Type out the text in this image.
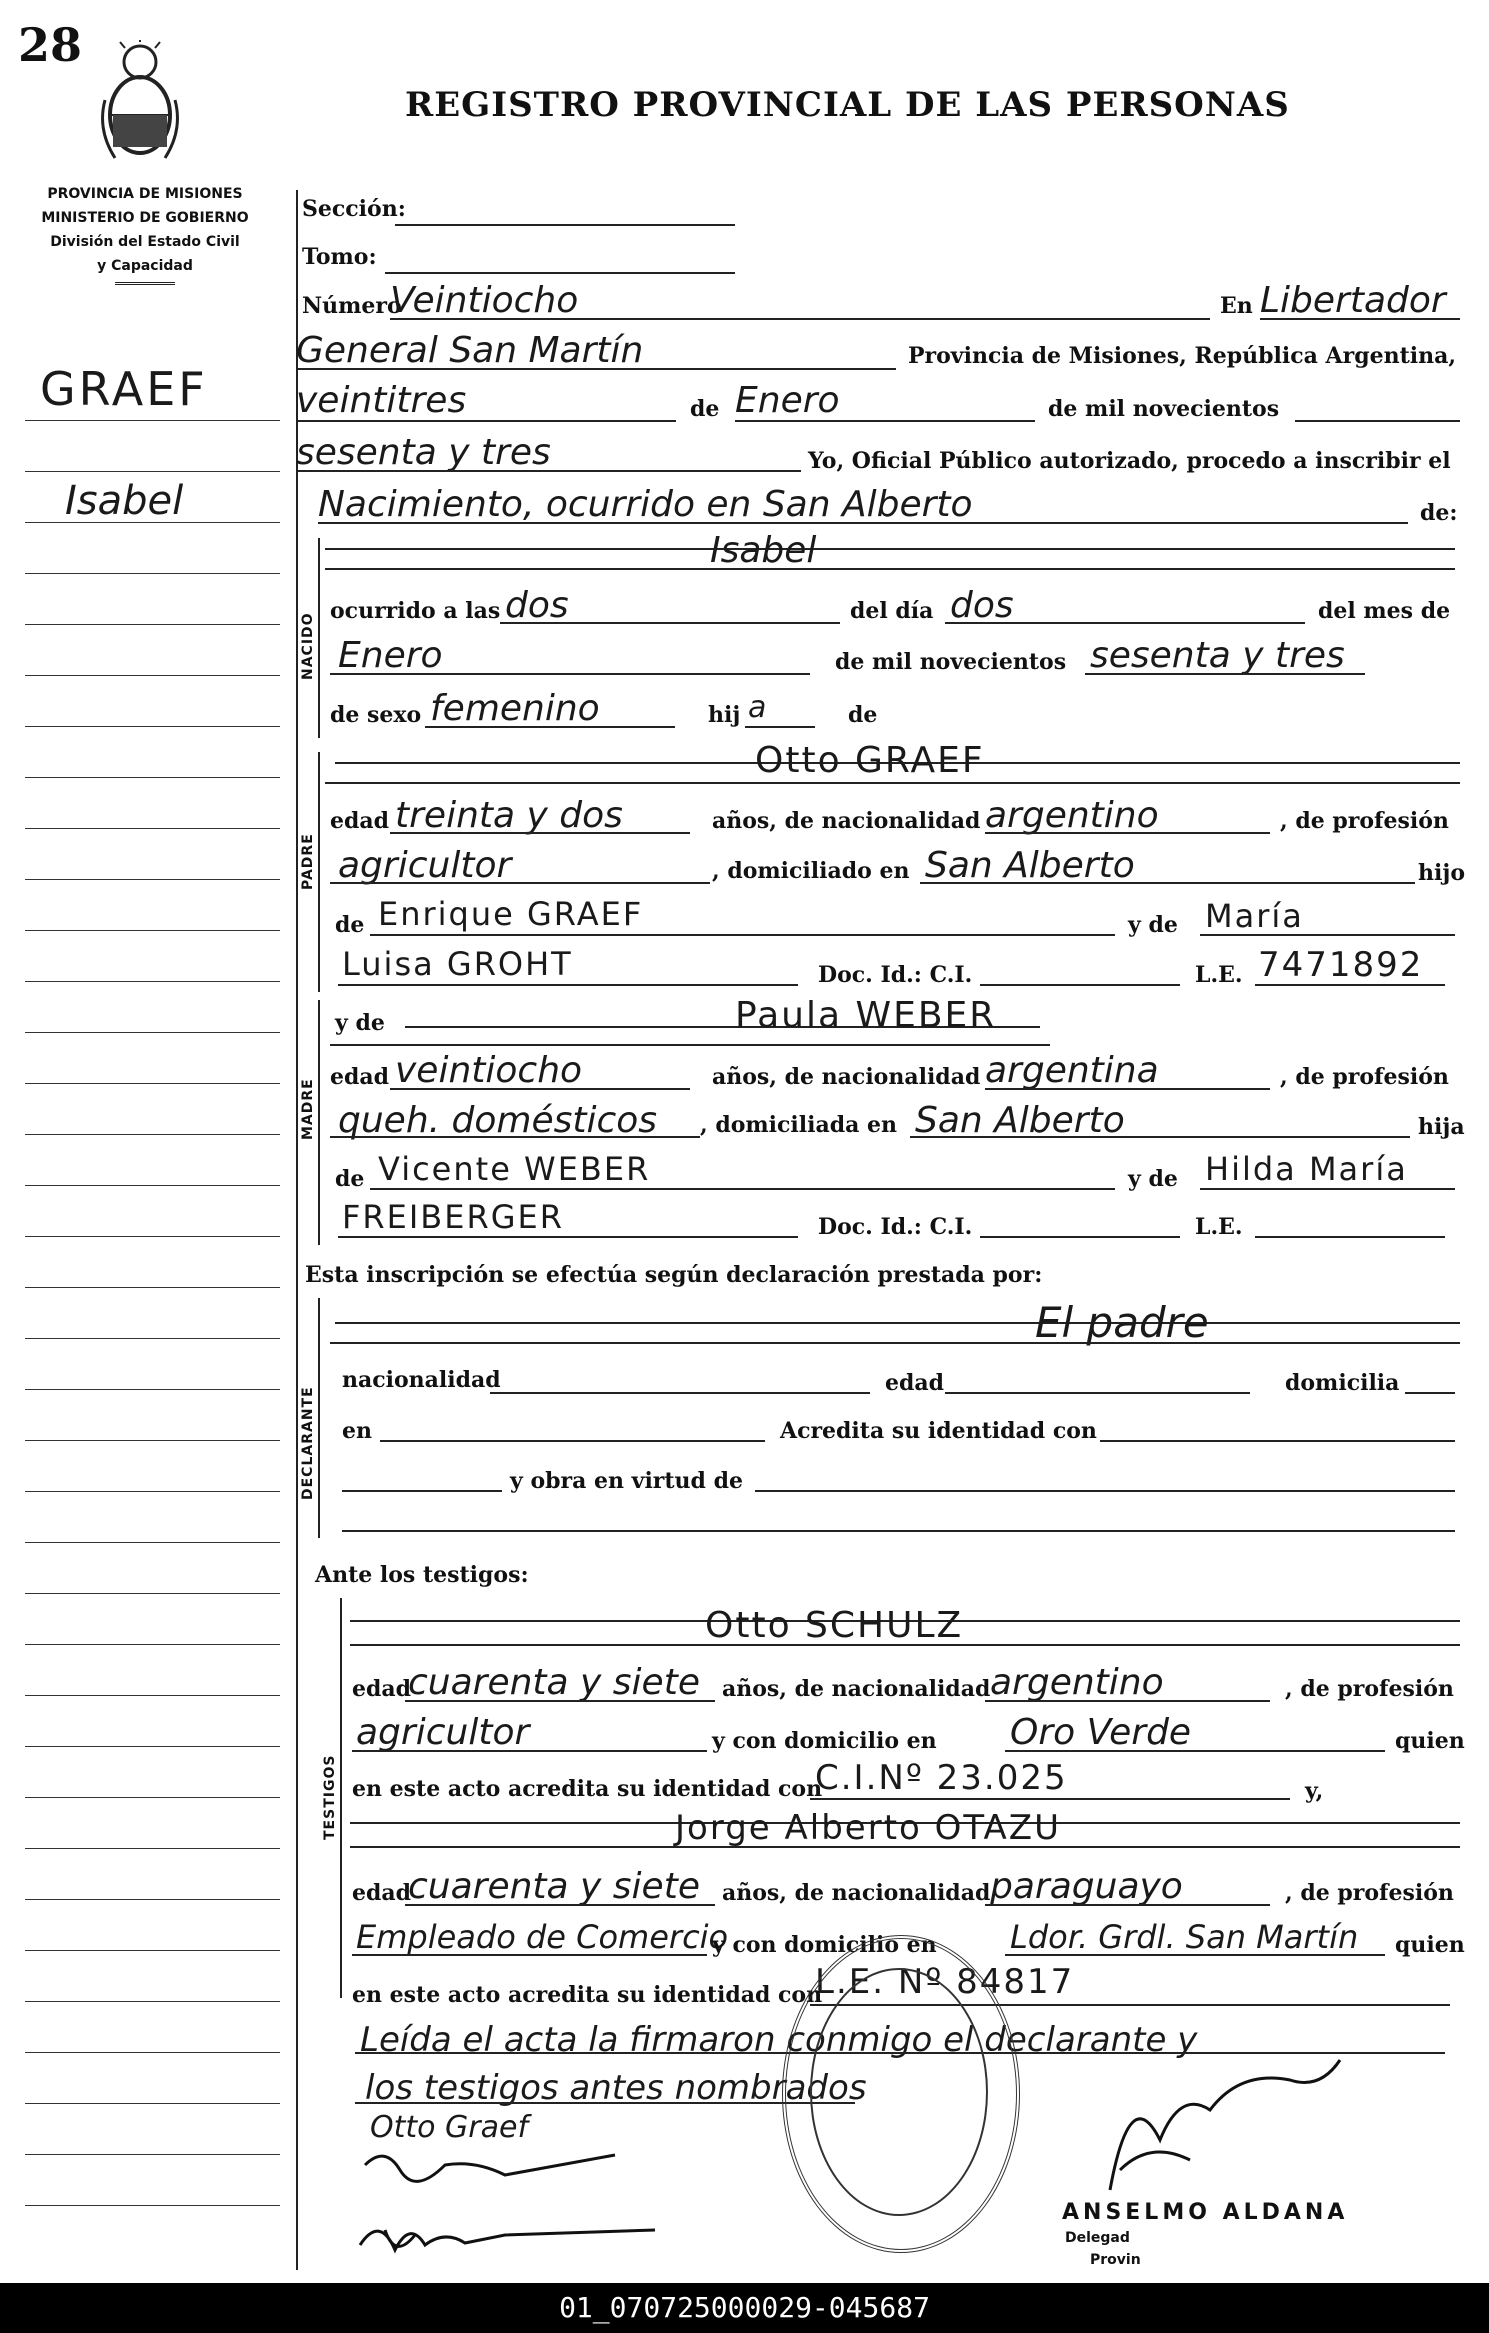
28
REGISTRO PROVINCIAL DE LAS PERSONAS
PROVINCIA DE MISIONES
MINISTERIO DE GOBIERNO
División del Estado Civil
y Capacidad
GRAEF
Isabel
Sección:
Tomo:
Número
Veintiocho	En Libertador
General San Martín	Provincia de Misiones, República Argentina,
veintitres	de Enero	de mil novecientos
sesenta y tres	Yo, Oficial Público autorizado, procedo a inscribir el
Nacimiento, ocurrido en San Alberto	de:
NACIDO
Isabel
ocurrido a las dos	del día dos	del mes de
Enero	de mil novecientos sesenta y tres
de sexo femenino	hij a	de
PADRE
Otto GRAEF
edad treinta y dos	años, de nacionalidad argentino	, de profesión
agricultor	, domiciliado en San Alberto	hijo
de Enrique GRAEF	y de María
Luisa GROHT	Doc. Id.: C.I.	L.E. 7471892
MADRE
y de	Paula WEBER
edad veintiocho	años, de nacionalidad argentina	, de profesión
queh. domésticos , domiciliada en San Alberto	hija
de Vicente WEBER	y de Hilda María
FREIBERGER	Doc. Id.: C.I.	L.E.
Esta inscripción se efectúa según declaración prestada por:
DECLARANTE
El padre
nacionalidad	edad	domicilia
en	Acredita su identidad con
y obra en virtud de
Ante los testigos:
TESTIGOS
Otto SCHULZ
edad
cuarenta y siete años, de nacionalidad argentino	, de profesión
agricultor	y con domicilio en Oro Verde	quien
en este acto acredita su identidad con
C.I.Nº 23.025	y,
Jorge Alberto OTAZU
edad
cuarenta y siete años, de nacionalidad paraguayo	, de profesión
Empleado de Comercio
y con domicilio en Ldor. Grdl. San Martín quien
en este acto acredita su identidad con
L.E. Nº 84817
Leída el acta la firmaron conmigo el declarante y
los testigos antes nombrados
Otto Graef
ANSELMO ALDANA
Delegad
Provin
01_070725000029-045687
